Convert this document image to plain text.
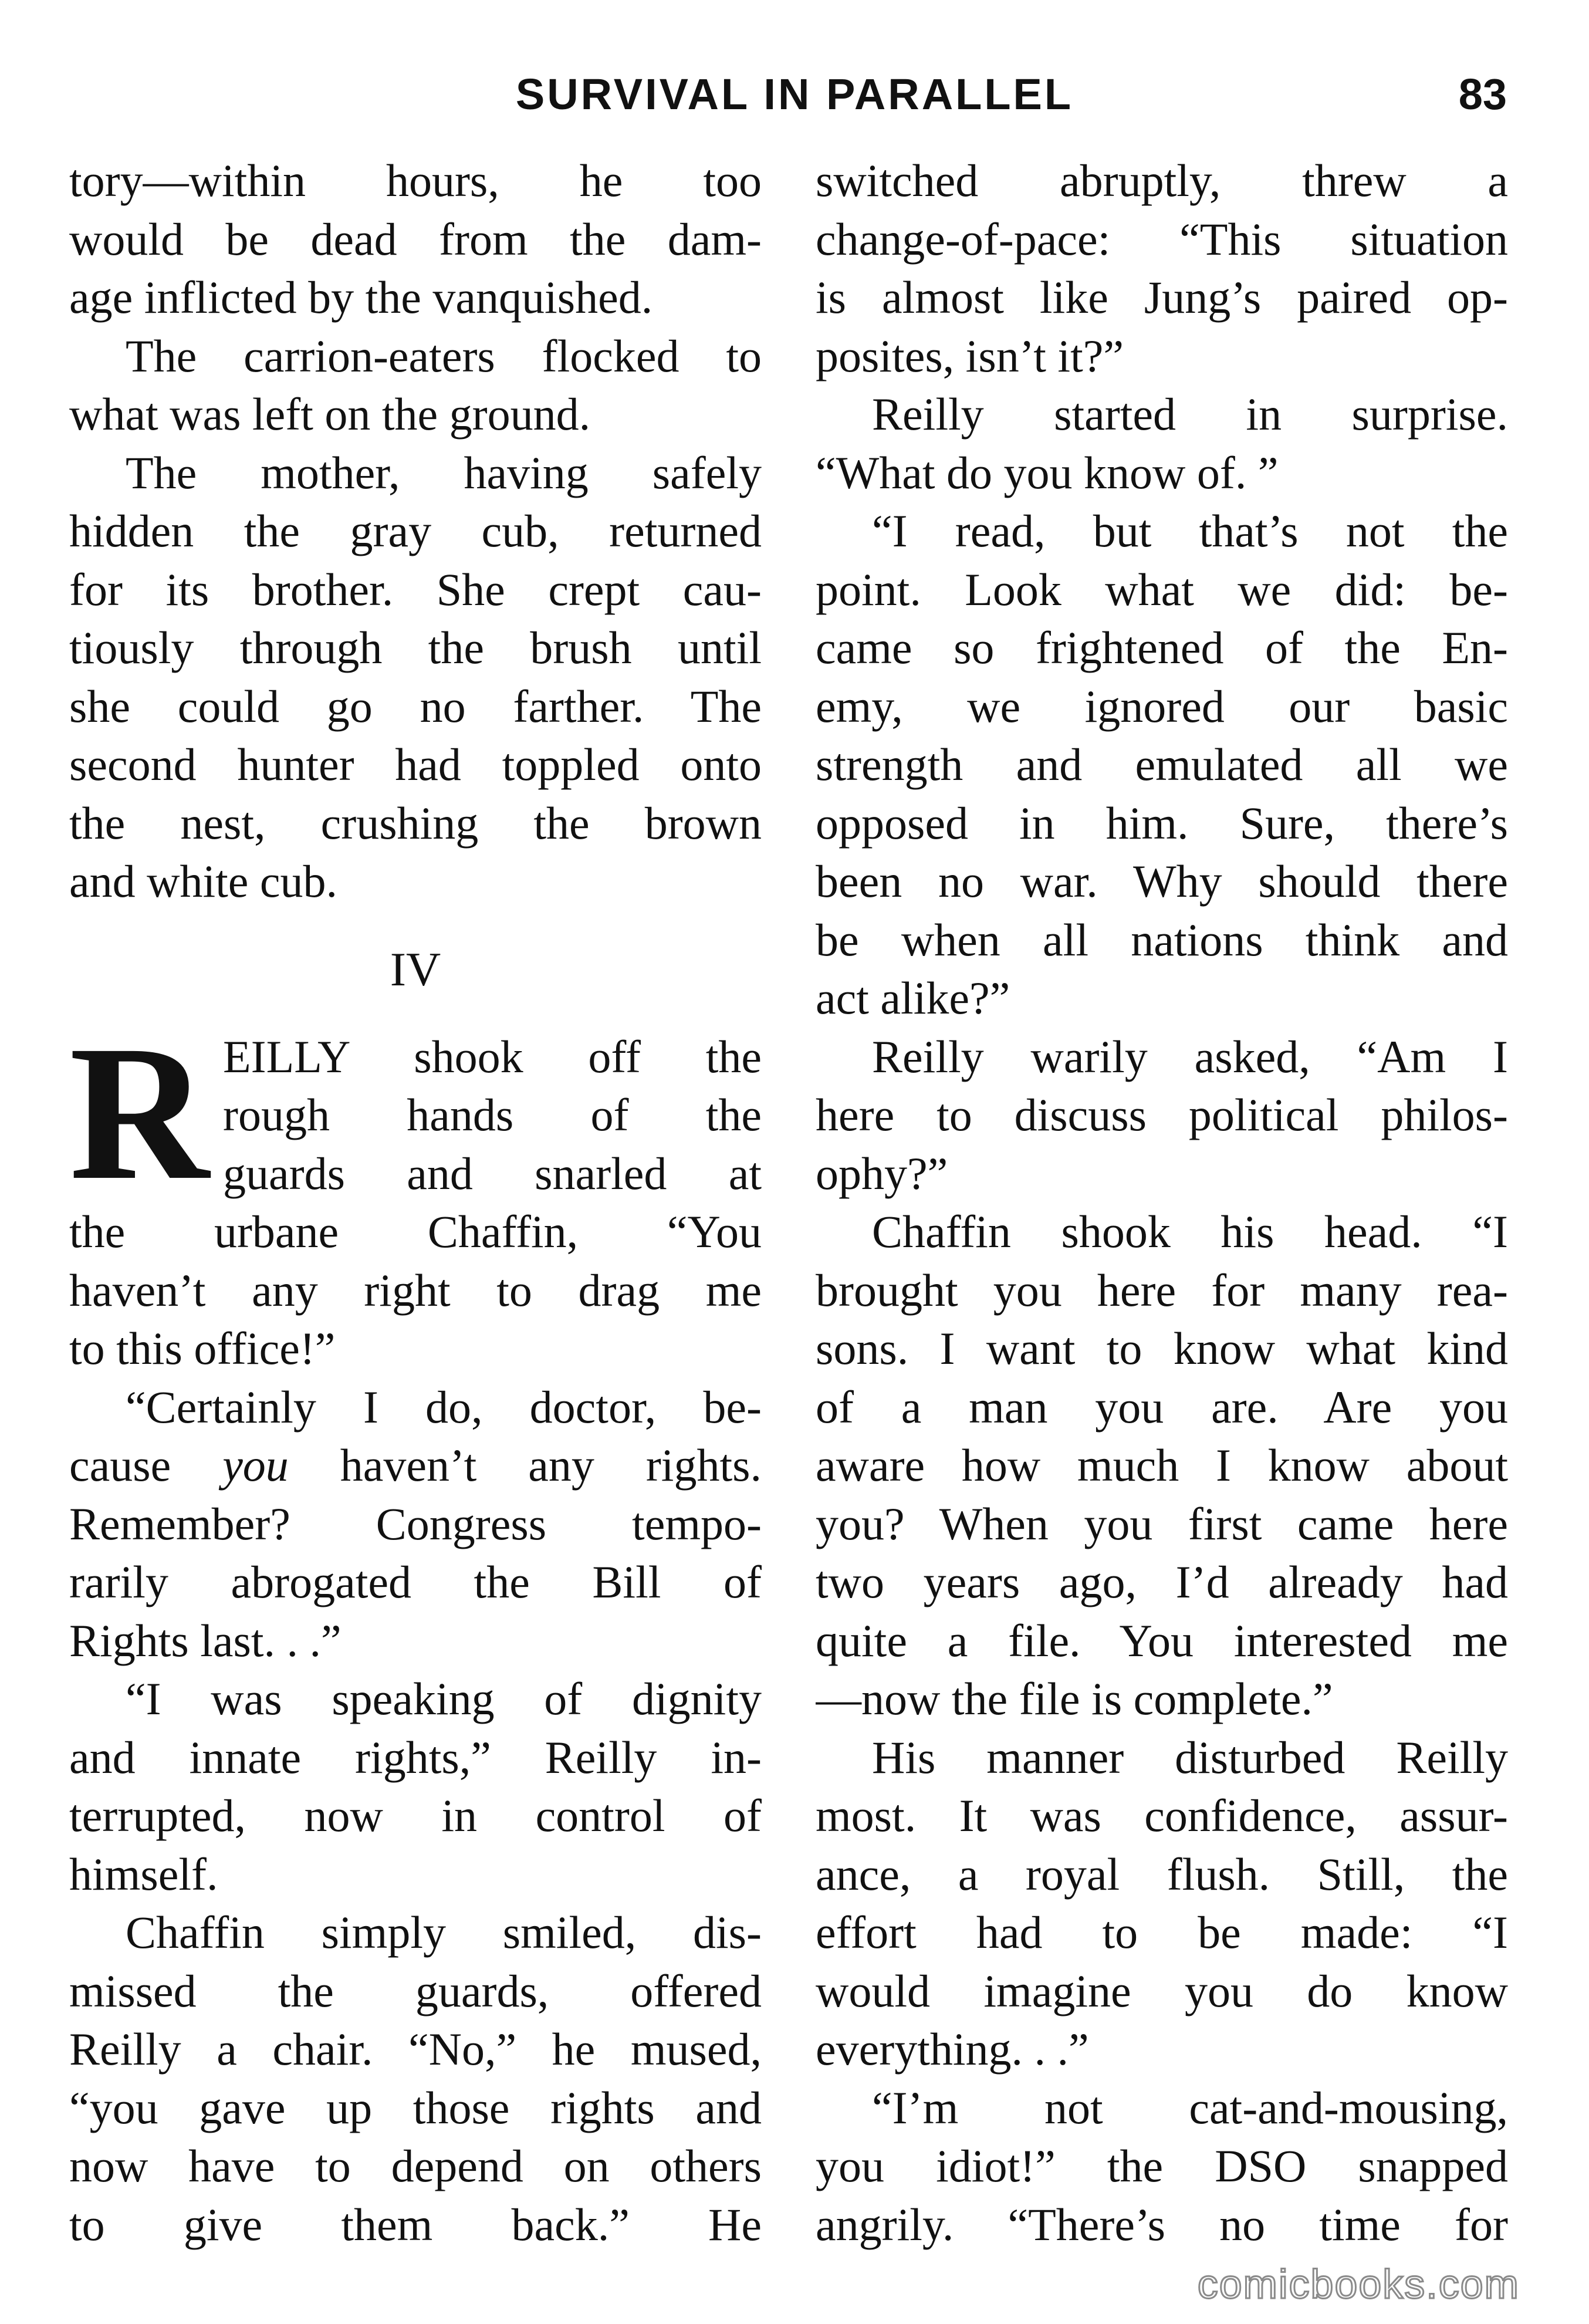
SURVIVAL IN PARALLEL	83
tory—within hours, he too
would be dead from the dam-
age inflicted by the vanquished.
The carrion-eaters flocked to
what was left on the ground.
The mother, having safely
hidden the gray cub, returned
for its brother. She crept cau-
tiously through the brush until
she could go no farther. The
second hunter had toppled onto
the nest, crushing the brown
and white cub.
IV
R EILLY shook off the
rough hands of the
guards and snarled at
the urbane Chaffin, “You
haven’t any right to drag me
to this office!”
“Certainly I do, doctor, be-
cause you haven’t any rights.
Remember? Congress tempo-
rarily abrogated the Bill of
Rights last. . .”
“I was speaking of dignity
and innate rights,” Reilly in-
terrupted, now in control of
himself.
Chaffin simply smiled, dis-
missed the guards, offered
Reilly a chair. “No,” he mused,
“you gave up those rights and
now have to depend on others
to give them back.” He
switched abruptly, threw a
change-of-pace: “This situation
is almost like Jung’s paired op-
posites, isn’t it?”
Reilly started in surprise.
“What do you know of. ”
“I read, but that’s not the
point. Look what we did: be-
came so frightened of the En-
emy, we ignored our basic
strength and emulated all we
opposed in him. Sure, there’s
been no war. Why should there
be when all nations think and
act alike?”
Reilly warily asked, “Am I
here to discuss political philos-
ophy?”
Chaffin shook his head. “I
brought you here for many rea-
sons. I want to know what kind
of a man you are. Are you
aware how much I know about
you? When you first came here
two years ago, I’d already had
quite a file. You interested me
—now the file is complete.”
His manner disturbed Reilly
most. It was confidence, assur-
ance, a royal flush. Still, the
effort had to be made: “I
would imagine you do know
everything. . .”
“I’m not cat-and-mousing,
you idiot!” the DSO snapped
angrily. “There’s no time for
comicbooks.com
